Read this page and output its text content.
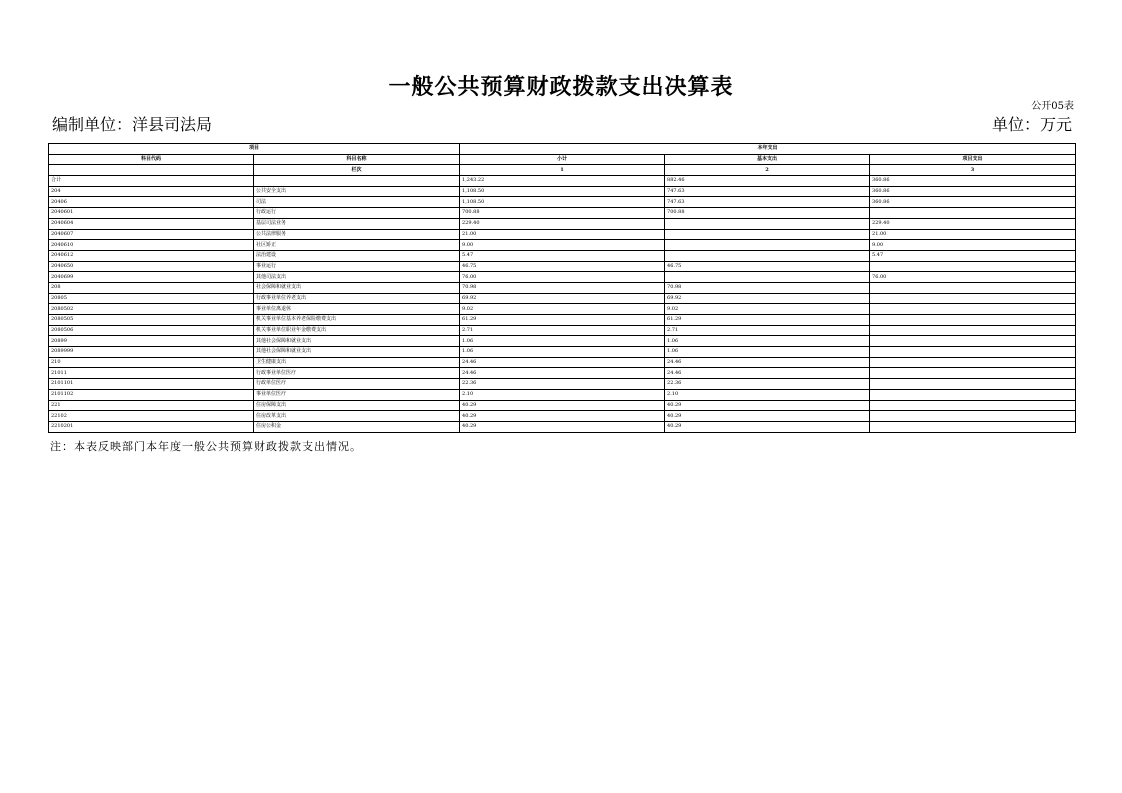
一般公共预算财政拨款支出决算表
公开05表
编制单位：洋县司法局	单位：万元
项目		本年支出		
科目代码	科目名称	小计	基本支出	项目支出
	栏次	1	2	3
合计		1,243.22	882.46	360.86
204	公共安全支出	1,108.50	747.63	360.86
20406	司法	1,108.50	747.63	360.86
2040601	行政运行	700.88	700.88	
2040604	基层司法业务	229.40		229.40
2040607	公共法律服务	21.00		21.00
2040610	社区矫正	9.00		9.00
2040612	法治建设	5.47		5.47
2040650	事业运行	46.75	46.75	
2040699	其他司法支出	76.00		76.00
208	社会保障和就业支出	70.98	70.98	
20805	行政事业单位养老支出	69.92	69.92	
2080502	事业单位离退休	9.02	9.02	
2080505	机关事业单位基本养老保险缴费支出	61.29	61.29	
2080506	机关事业单位职业年金缴费支出	2.71	2.71	
20899	其他社会保障和就业支出	1.06	1.06	
2089999	其他社会保障和就业支出	1.06	1.06	
210	卫生健康支出	24.46	24.46	
21011	行政事业单位医疗	24.46	24.46	
2101101	行政单位医疗	22.36	22.36	
2101102	事业单位医疗	2.10	2.10	
221	住房保障支出	40.29	40.29	
22102	住房改革支出	40.29	40.29	
2210201	住房公积金	40.29	40.29	
注：本表反映部门本年度一般公共预算财政拨款支出情况。
